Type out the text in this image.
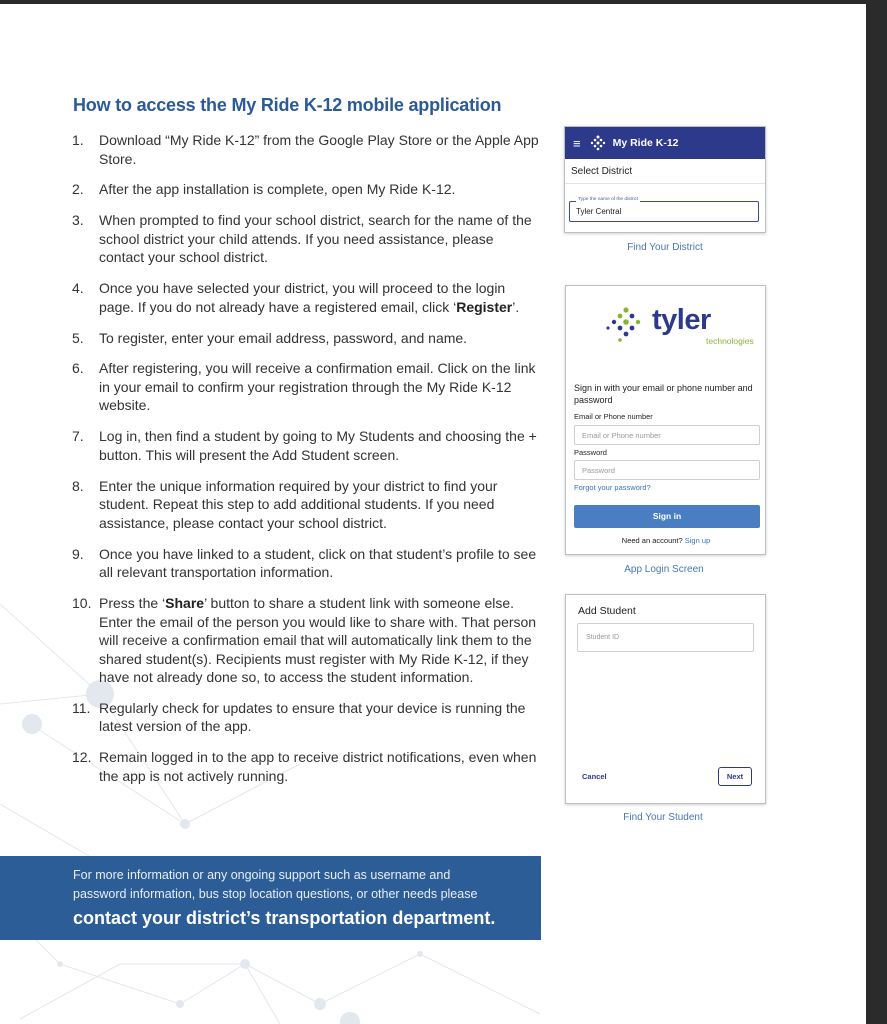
How to access the My Ride K-12 mobile application
1.	Download “My Ride K-12” from the Google Play Store or the Apple App Store.
2.	After the app installation is complete, open My Ride K-12.
3.	When prompted to find your school district, search for the name of the school district your child attends. If you need assistance, please contact your school district.
4.	Once you have selected your district, you will proceed to the login page. If you do not already have a registered email, click ‘Register’.
5.	To register, enter your email address, password, and name.
6.	After registering, you will receive a confirmation email. Click on the link in your email to confirm your registration through the My Ride K-12 website.
7.	Log in, then find a student by going to My Students and choosing the + button. This will present the Add Student screen.
8.	Enter the unique information required by your district to find your student. Repeat this step to add additional students. If you need assistance, please contact your school district.
9.	Once you have linked to a student, click on that student’s profile to see all relevant transportation information.
10. Press the ‘Share’ button to share a student link with someone else. Enter the email of the person you would like to share with. That person will receive a confirmation email that will automatically link them to the shared student(s). Recipients must register with My Ride K-12, if they have not already done so, to access the student information.
11. Regularly check for updates to ensure that your device is running the latest version of the app.
12. Remain logged in to the app to receive district notifications, even when the app is not actively running.
For more information or any ongoing support such as username and
password information, bus stop location questions, or other needs please
contact your district’s transportation department.
≡	My Ride K-12
Select District
Type the name of the district
Tyler Central
Find Your District
tyler
technologies
Sign in with your email or phone number and password
Email or Phone number
Email or Phone number
Password
Password
Forgot your password?
Sign in
Need an account? Sign up
App Login Screen
Add Student
Student ID
Cancel	Next
Find Your Student
